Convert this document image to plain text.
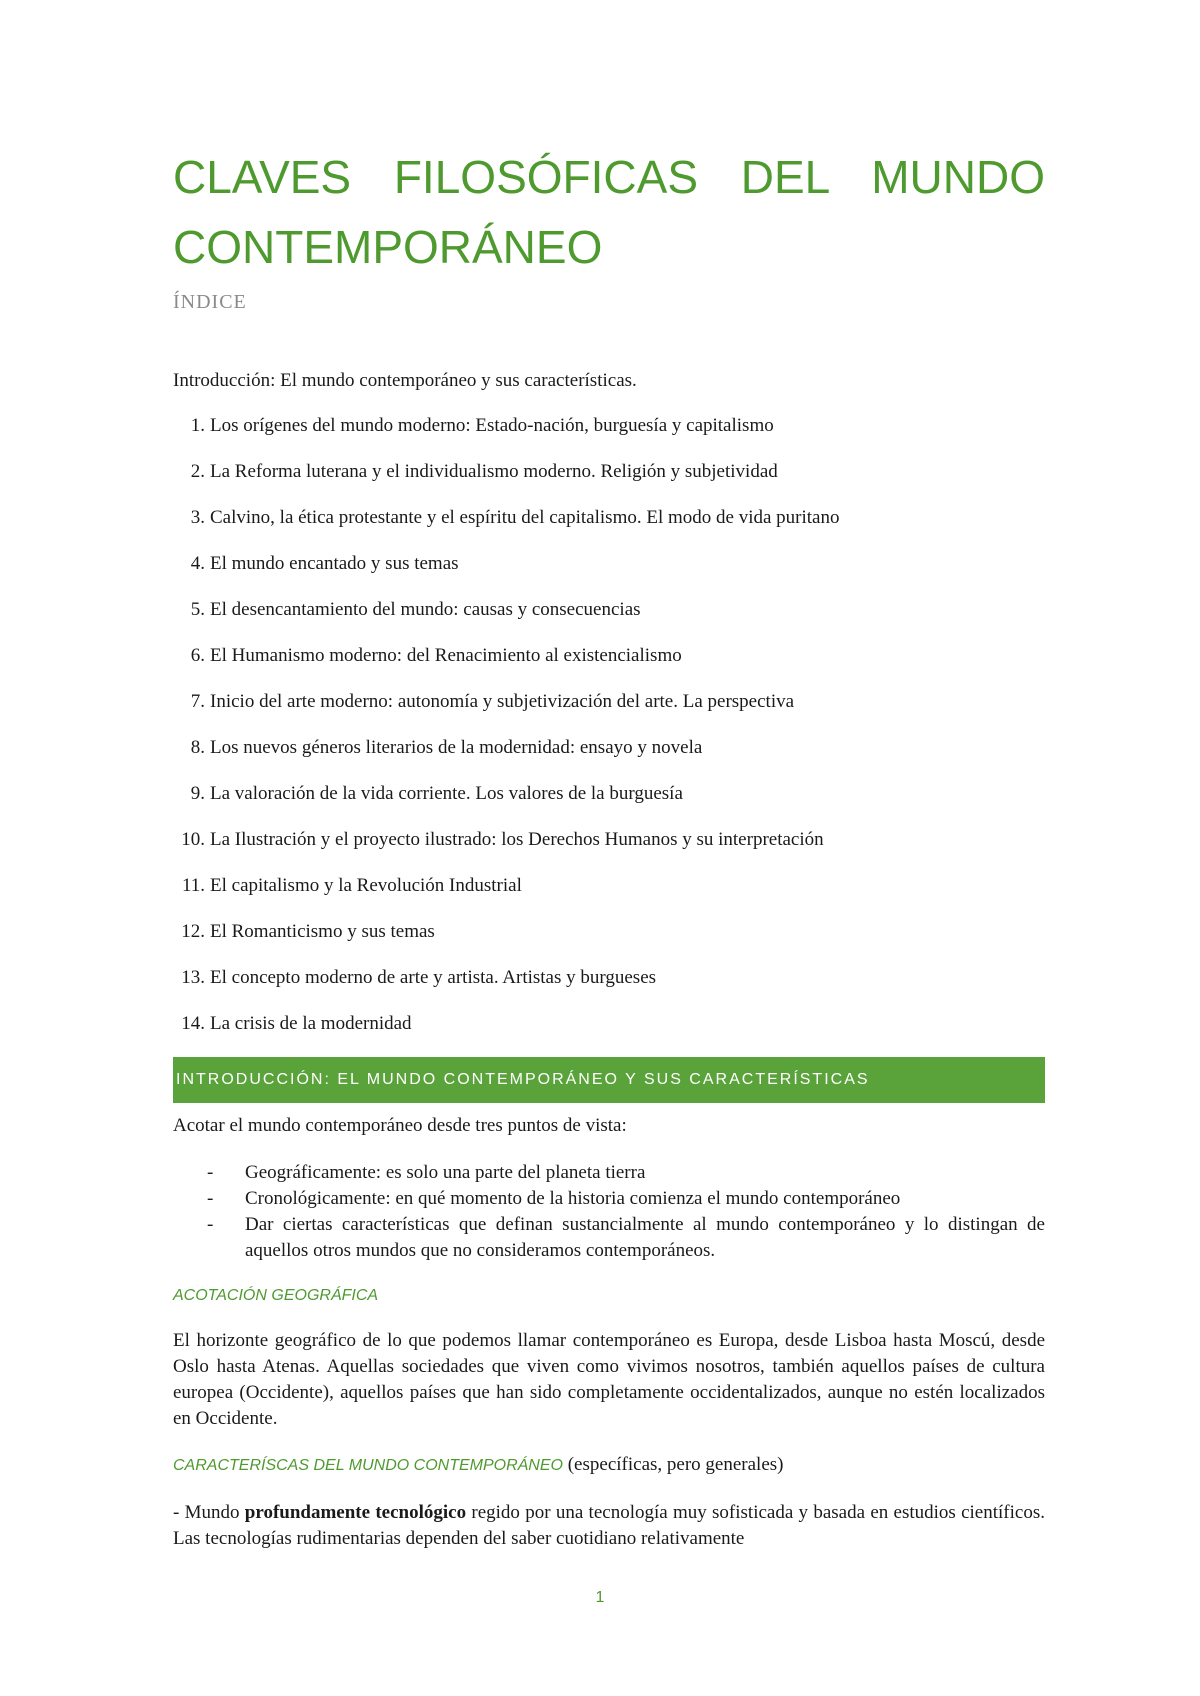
CLAVES FILOSÓFICAS DEL MUNDO CONTEMPORÁNEO
ÍNDICE
Introducción: El mundo contemporáneo y sus características.
1. Los orígenes del mundo moderno: Estado-nación, burguesía y capitalismo
2. La Reforma luterana y el individualismo moderno. Religión y subjetividad
3. Calvino, la ética protestante y el espíritu del capitalismo. El modo de vida puritano
4. El mundo encantado y sus temas
5. El desencantamiento del mundo: causas y consecuencias
6. El Humanismo moderno: del Renacimiento al existencialismo
7. Inicio del arte moderno: autonomía y subjetivización del arte. La perspectiva
8. Los nuevos géneros literarios de la modernidad: ensayo y novela
9. La valoración de la vida corriente. Los valores de la burguesía
10. La Ilustración y el proyecto ilustrado: los Derechos Humanos y su interpretación
11. El capitalismo y la Revolución Industrial
12. El Romanticismo y sus temas
13. El concepto moderno de arte y artista. Artistas y burgueses
14. La crisis de la modernidad
INTRODUCCIÓN: EL MUNDO CONTEMPORÁNEO Y SUS CARACTERÍSTICAS
Acotar el mundo contemporáneo desde tres puntos de vista:
-	Geográficamente: es solo una parte del planeta tierra
-	Cronológicamente: en qué momento de la historia comienza el mundo contemporáneo
-	Dar ciertas características que definan sustancialmente al mundo contemporáneo y lo distingan de aquellos otros mundos que no consideramos contemporáneos.
ACOTACIÓN GEOGRÁFICA

El horizonte geográfico de lo que podemos llamar contemporáneo es Europa, desde Lisboa hasta Moscú, desde Oslo hasta Atenas. Aquellas sociedades que viven como vivimos nosotros, también aquellos países de cultura europea (Occidente), aquellos países que han sido completamente occidentalizados, aunque no estén localizados en Occidente.

CARACTERÍSCAS DEL MUNDO CONTEMPORÁNEO (específicas, pero generales)

- Mundo profundamente tecnológico regido por una tecnología muy sofisticada y basada en estudios científicos. Las tecnologías rudimentarias dependen del saber cuotidiano relativamente

1
